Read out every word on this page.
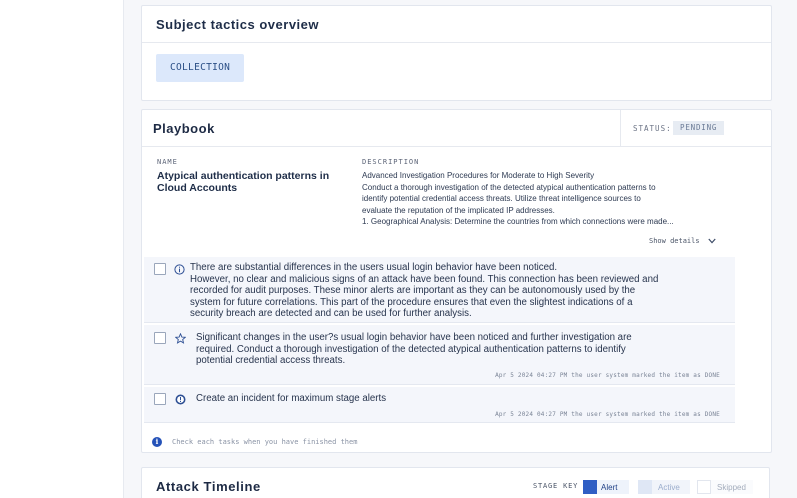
Subject tactics overview
COLLECTION
Playbook	STATUS:	PENDING
NAME	DESCRIPTION
Atypical authentication patterns in Cloud Accounts
Advanced Investigation Procedures for Moderate to High Severity
Conduct a thorough investigation of the detected atypical authentication patterns to
identify potential credential access threats. Utilize threat intelligence sources to
evaluate the reputation of the implicated IP addresses.
1. Geographical Analysis: Determine the countries from which connections were made...
Show details
There are substantial differences in the users usual login behavior have been noticed.
However, no clear and malicious signs of an attack have been found. This connection has been reviewed and
recorded for audit purposes. These minor alerts are important as they can be autonomously used by the
system for future correlations. This part of the procedure ensures that even the slightest indications of a
security breach are detected and can be used for further analysis.
Significant changes in the user?s usual login behavior have been noticed and further investigation are
required. Conduct a thorough investigation of the detected atypical authentication patterns to identify
potential credential access threats.
Apr 5 2024 04:27 PM the user system marked the item as DONE
Create an incident for maximum stage alerts
Apr 5 2024 04:27 PM the user system marked the item as DONE
i	Check each tasks when you have finished them
Attack Timeline	STAGE KEY	Alert	Active	Skipped
